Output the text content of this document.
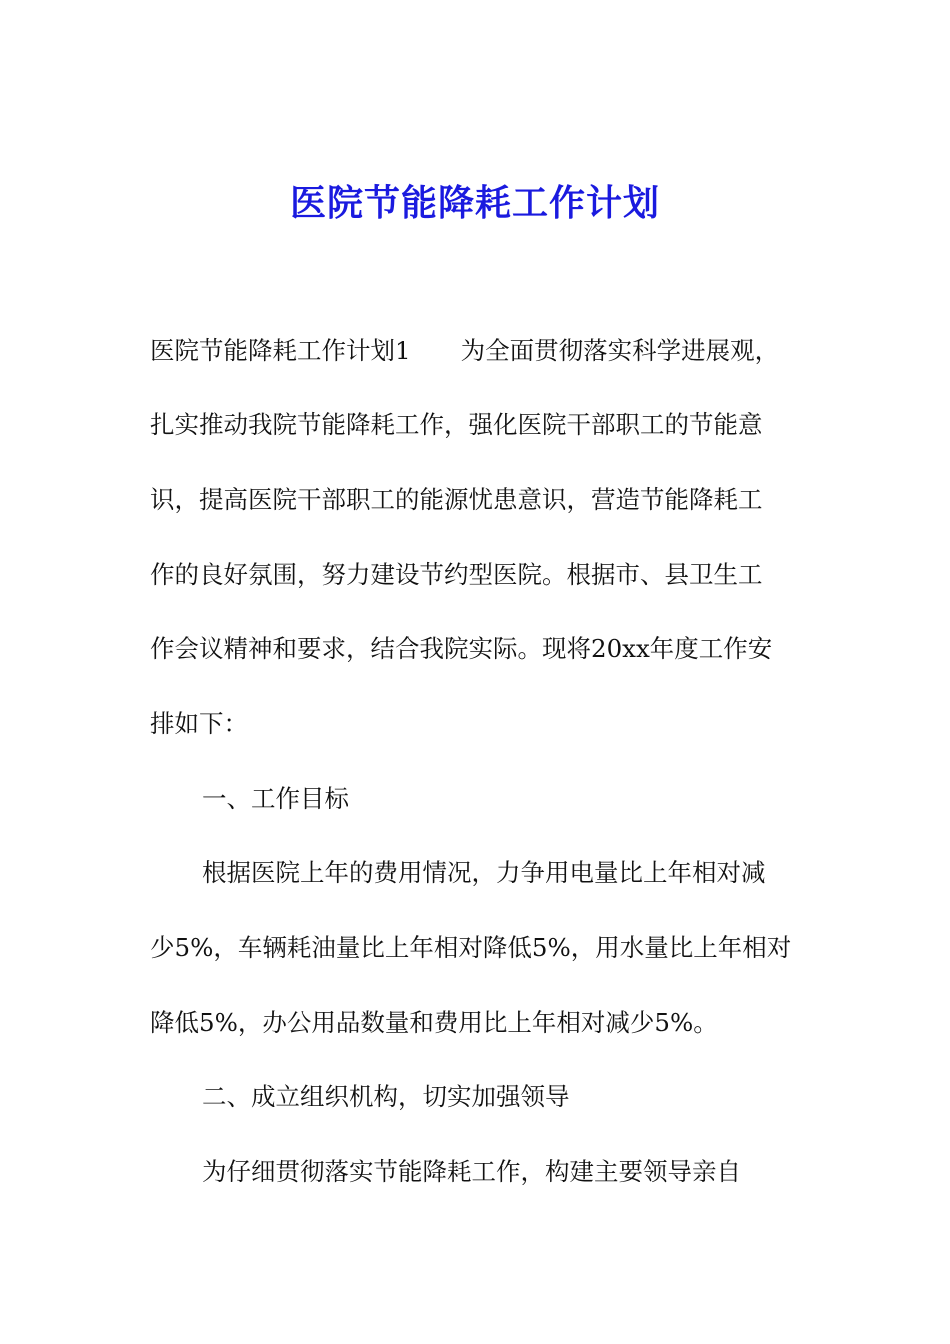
医院节能降耗工作计划
医院节能降耗工作计划1 为全面贯彻落实科学进展观，
扎实推动我院节能降耗工作，强化医院干部职工的节能意
识，提高医院干部职工的能源忧患意识，营造节能降耗工
作的良好氛围，努力建设节约型医院。根据市、县卫生工
作会议精神和要求，结合我院实际。现将20xx年度工作安
排如下：
一、工作目标
根据医院上年的费用情况，力争用电量比上年相对减
少5%，车辆耗油量比上年相对降低5%，用水量比上年相对
降低5%，办公用品数量和费用比上年相对减少5%。
二、成立组织机构，切实加强领导
为仔细贯彻落实节能降耗工作，构建主要领导亲自
